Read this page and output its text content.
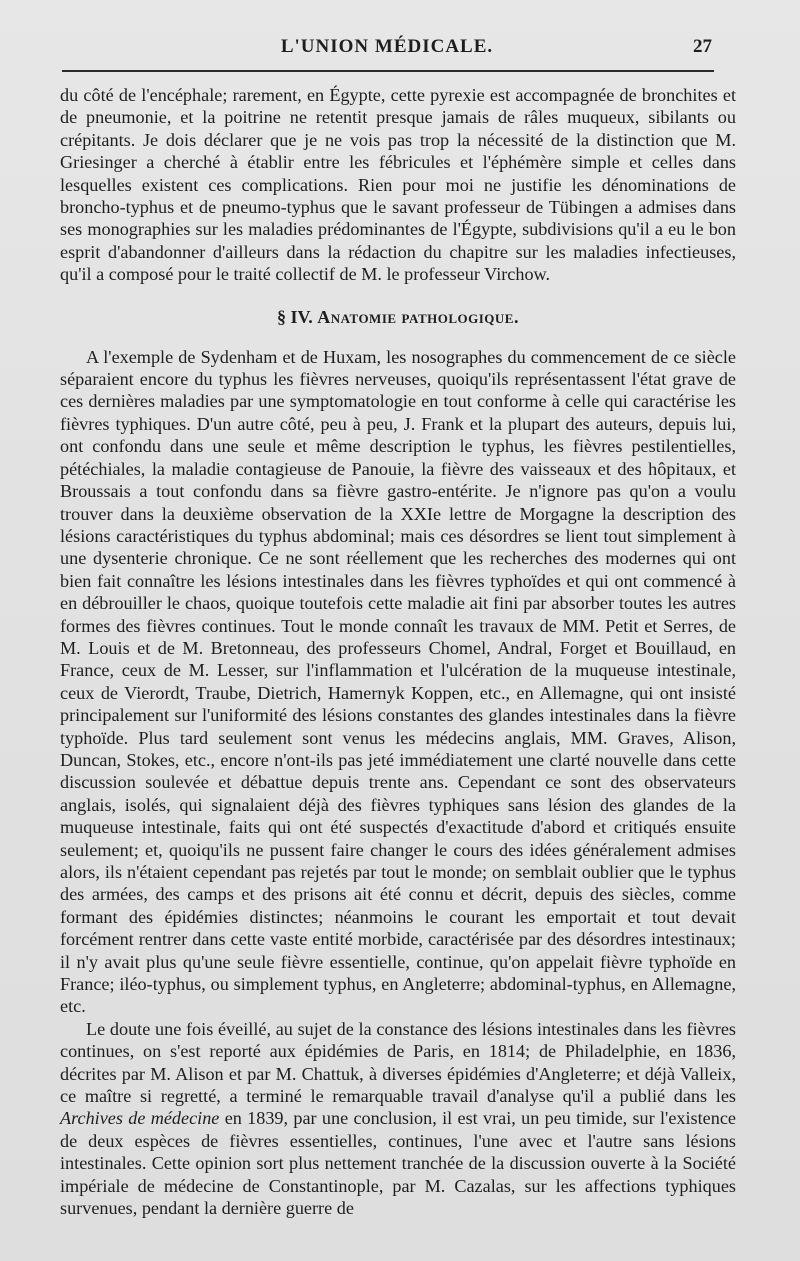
L'UNION MÉDICALE.	27

du côté de l'encéphale; rarement, en Égypte, cette pyrexie est accompagnée de bronchites et de pneumonie, et la poitrine ne retentit presque jamais de râles muqueux, sibilants ou crépitants. Je dois déclarer que je ne vois pas trop la nécessité de la distinction que M. Griesinger a cherché à établir entre les fébricules et l'éphémère simple et celles dans lesquelles existent ces complications. Rien pour moi ne justifie les dénominations de broncho-typhus et de pneumo-typhus que le savant professeur de Tübingen a admises dans ses monographies sur les maladies prédominantes de l'Égypte, subdivisions qu'il a eu le bon esprit d'abandonner d'ailleurs dans la rédaction du chapitre sur les maladies infectieuses, qu'il a composé pour le traité collectif de M. le professeur Virchow.

§ IV. Anatomie pathologique.

A l'exemple de Sydenham et de Huxam, les nosographes du commencement de ce siècle séparaient encore du typhus les fièvres nerveuses, quoiqu'ils représentassent l'état grave de ces dernières maladies par une symptomatologie en tout conforme à celle qui caractérise les fièvres typhiques. D'un autre côté, peu à peu, J. Frank et la plupart des auteurs, depuis lui, ont confondu dans une seule et même description le typhus, les fièvres pestilentielles, pétéchiales, la maladie contagieuse de Panouie, la fièvre des vaisseaux et des hôpitaux, et Broussais a tout confondu dans sa fièvre gastro-entérite. Je n'ignore pas qu'on a voulu trouver dans la deuxième observation de la XXIe lettre de Morgagne la description des lésions caractéristiques du typhus abdominal; mais ces désordres se lient tout simplement à une dysenterie chronique. Ce ne sont réellement que les recherches des modernes qui ont bien fait connaître les lésions intestinales dans les fièvres typhoïdes et qui ont commencé à en débrouiller le chaos, quoique toutefois cette maladie ait fini par absorber toutes les autres formes des fièvres continues. Tout le monde connaît les travaux de MM. Petit et Serres, de M. Louis et de M. Bretonneau, des professeurs Chomel, Andral, Forget et Bouillaud, en France, ceux de M. Lesser, sur l'inflammation et l'ulcération de la muqueuse intestinale, ceux de Vierordt, Traube, Dietrich, Hamernyk Koppen, etc., en Allemagne, qui ont insisté principalement sur l'uniformité des lésions constantes des glandes intestinales dans la fièvre typhoïde. Plus tard seulement sont venus les médecins anglais, MM. Graves, Alison, Duncan, Stokes, etc., encore n'ont-ils pas jeté immédiatement une clarté nouvelle dans cette discussion soulevée et débattue depuis trente ans. Cependant ce sont des observateurs anglais, isolés, qui signalaient déjà des fièvres typhiques sans lésion des glandes de la muqueuse intestinale, faits qui ont été suspectés d'exactitude d'abord et critiqués ensuite seulement; et, quoiqu'ils ne pussent faire changer le cours des idées généralement admises alors, ils n'étaient cependant pas rejetés par tout le monde; on semblait oublier que le typhus des armées, des camps et des prisons ait été connu et décrit, depuis des siècles, comme formant des épidémies distinctes; néanmoins le courant les emportait et tout devait forcément rentrer dans cette vaste entité morbide, caractérisée par des désordres intestinaux; il n'y avait plus qu'une seule fièvre essentielle, continue, qu'on appelait fièvre typhoïde en France; iléo-typhus, ou simplement typhus, en Angleterre; abdominal-typhus, en Allemagne, etc.

Le doute une fois éveillé, au sujet de la constance des lésions intestinales dans les fièvres continues, on s'est reporté aux épidémies de Paris, en 1814; de Philadelphie, en 1836, décrites par M. Alison et par M. Chattuk, à diverses épidémies d'Angleterre; et déjà Valleix, ce maître si regretté, a terminé le remarquable travail d'analyse qu'il a publié dans les Archives de médecine en 1839, par une conclusion, il est vrai, un peu timide, sur l'existence de deux espèces de fièvres essentielles, continues, l'une avec et l'autre sans lésions intestinales. Cette opinion sort plus nettement tranchée de la discussion ouverte à la Société impériale de médecine de Constantinople, par M. Cazalas, sur les affections typhiques survenues, pendant la dernière guerre de
